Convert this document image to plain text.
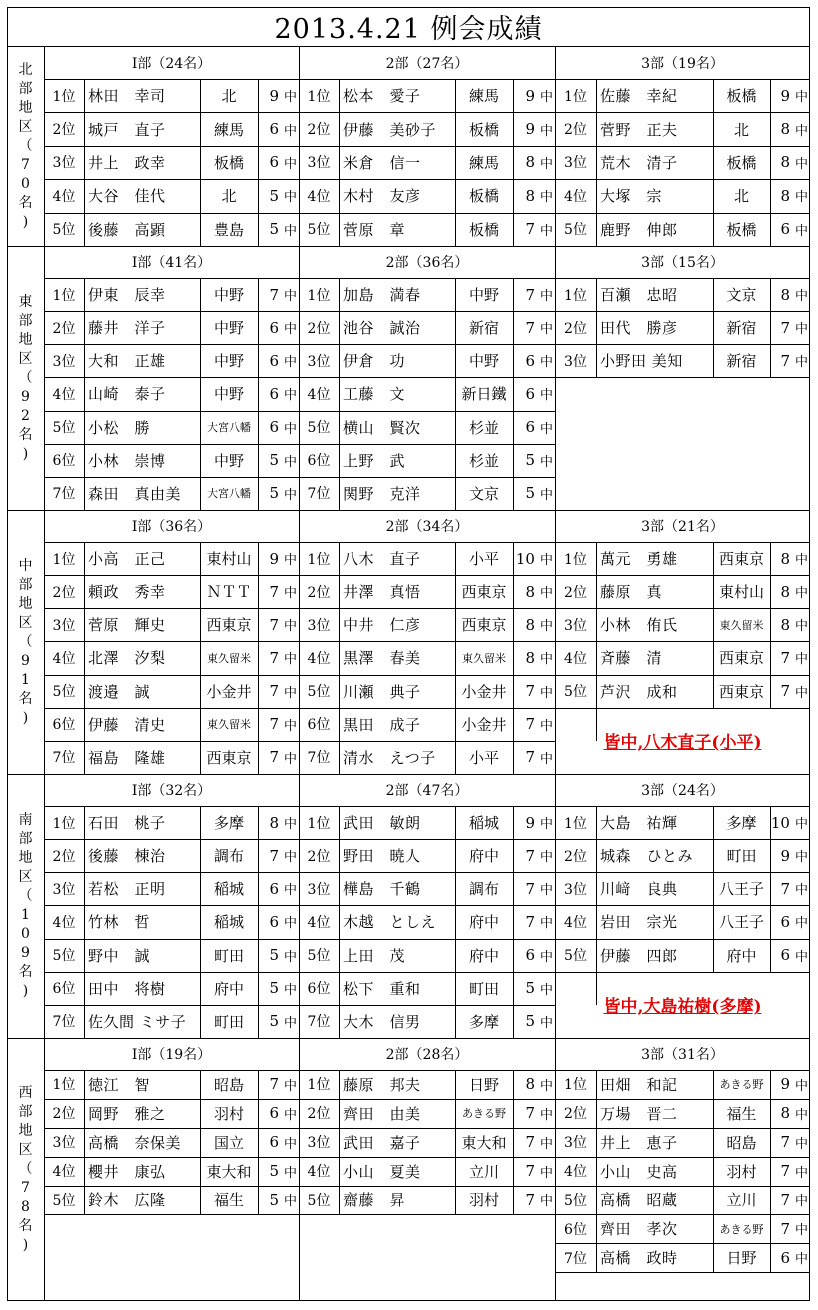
2013.4.21 例会成績
北
部
地
区
（
7
0
名
)
Ⅰ部（24名）
1位 林田　幸司	北	9 中
2位 城戸　直子	練馬	6 中
3位 井上　政幸	板橋	6 中
4位 大谷　佳代	北	5 中
5位 後藤　高顕	豊島	5 中
2部（27名）
1位 松本　愛子	練馬	9 中
2位 伊藤　美砂子	板橋	9 中
3位 米倉　信一	練馬	8 中
4位 木村　友彦	板橋	8 中
5位 菅原　章	板橋	7 中
3部（19名）
1位 佐藤　幸紀	板橋	9 中
2位 菅野　正夫	北	8 中
3位 荒木　清子	板橋	8 中
4位 大塚　宗	北	8 中
5位 鹿野　伸郎	板橋	6 中
東
部
地
区
（
9
2
名
)
Ⅰ部（41名）
1位 伊東　辰幸	中野	7 中
2位 藤井　洋子	中野	6 中
3位 大和　正雄	中野	6 中
4位 山崎　泰子	中野	6 中
5位 小松　勝	大宮八幡	6 中
6位 小林　崇博	中野	5 中
7位 森田　真由美	大宮八幡	5 中
2部（36名）
1位 加島　満春	中野	7 中
2位 池谷　誠治	新宿	7 中
3位 伊倉　功	中野	6 中
4位 工藤　文	新日鐵	6 中
5位 横山　賢次	杉並	6 中
6位 上野　武	杉並	5 中
7位 関野　克洋	文京	5 中
3部（15名）
1位 百瀬　忠昭	文京	8 中
2位 田代　勝彦	新宿	7 中
3位 小野田 美知	新宿	7 中
中
部
地
区
（
9
1
名
)
Ⅰ部（36名）
1位 小高　正己	東村山	9 中
2位 頼政　秀幸	ＮＴＴ	7 中
3位 菅原　輝史	西東京	7 中
4位 北澤　汐梨	東久留米	7 中
5位 渡邉　誠	小金井	7 中
6位 伊藤　清史	東久留米	7 中
7位 福島　隆雄	西東京	7 中
2部（34名）
1位 八木　直子	小平	10 中
2位 井澤　真悟	西東京	8 中
3位 中井　仁彦	西東京	8 中
4位 黒澤　春美	東久留米	8 中
5位 川瀬　典子	小金井	7 中
6位 黒田　成子	小金井	7 中
7位 清水　えつ子	小平	7 中
3部（21名）
1位 萬元　勇雄	西東京	8 中
2位 藤原　真	東村山	8 中
3位 小林　侑氏	東久留米	8 中
4位 斉藤　清	西東京	7 中
5位 芦沢　成和	西東京	7 中
皆中,八木直子(小平)
南
部
地
区
（
1
0
9
名
)
Ⅰ部（32名）
1位 石田　桃子	多摩	8 中
2位 後藤　棟治	調布	7 中
3位 若松　正明	稲城	6 中
4位 竹林　哲	稲城	6 中
5位 野中　誠	町田	5 中
6位 田中　将樹	府中	5 中
7位 佐久間 ミサ子	町田	5 中
2部（47名）
1位 武田　敏朗	稲城	9 中
2位 野田　暁人	府中	7 中
3位 樺島　千鶴	調布	7 中
4位 木越　としえ	府中	7 中
5位 上田　茂	府中	6 中
6位 松下　重和	町田	5 中
7位 大木　信男	多摩	5 中
3部（24名）
1位 大島　祐輝	多摩 10 中
2位 城森　ひとみ	町田	9 中
3位 川﨑　良典	八王子	7 中
4位 岩田　宗光	八王子	6 中
5位 伊藤　四郎	府中	6 中
皆中,大島祐樹(多摩)
西
部
地
区
（
7
8
名
)
Ⅰ部（19名）
1位 徳江　智	昭島	7 中
2位 岡野　雅之	羽村	6 中
3位 高橋　奈保美	国立	6 中
4位 櫻井　康弘	東大和	5 中
5位 鈴木　広隆	福生	5 中
2部（28名）
1位 藤原　邦夫	日野	8 中
2位 齊田　由美	あきる野	7 中
3位 武田　嘉子	東大和	7 中
4位 小山　夏美	立川	7 中
5位 齋藤　昇	羽村	7 中
3部（31名）
1位 田畑　和記	あきる野	9 中
2位 万場　晋二	福生	8 中
3位 井上　恵子	昭島	7 中
4位 小山　史高	羽村	7 中
5位 高橋　昭蔵	立川	7 中
6位 齊田　孝次	あきる野	7 中
7位 高橋　政時	日野	6 中
